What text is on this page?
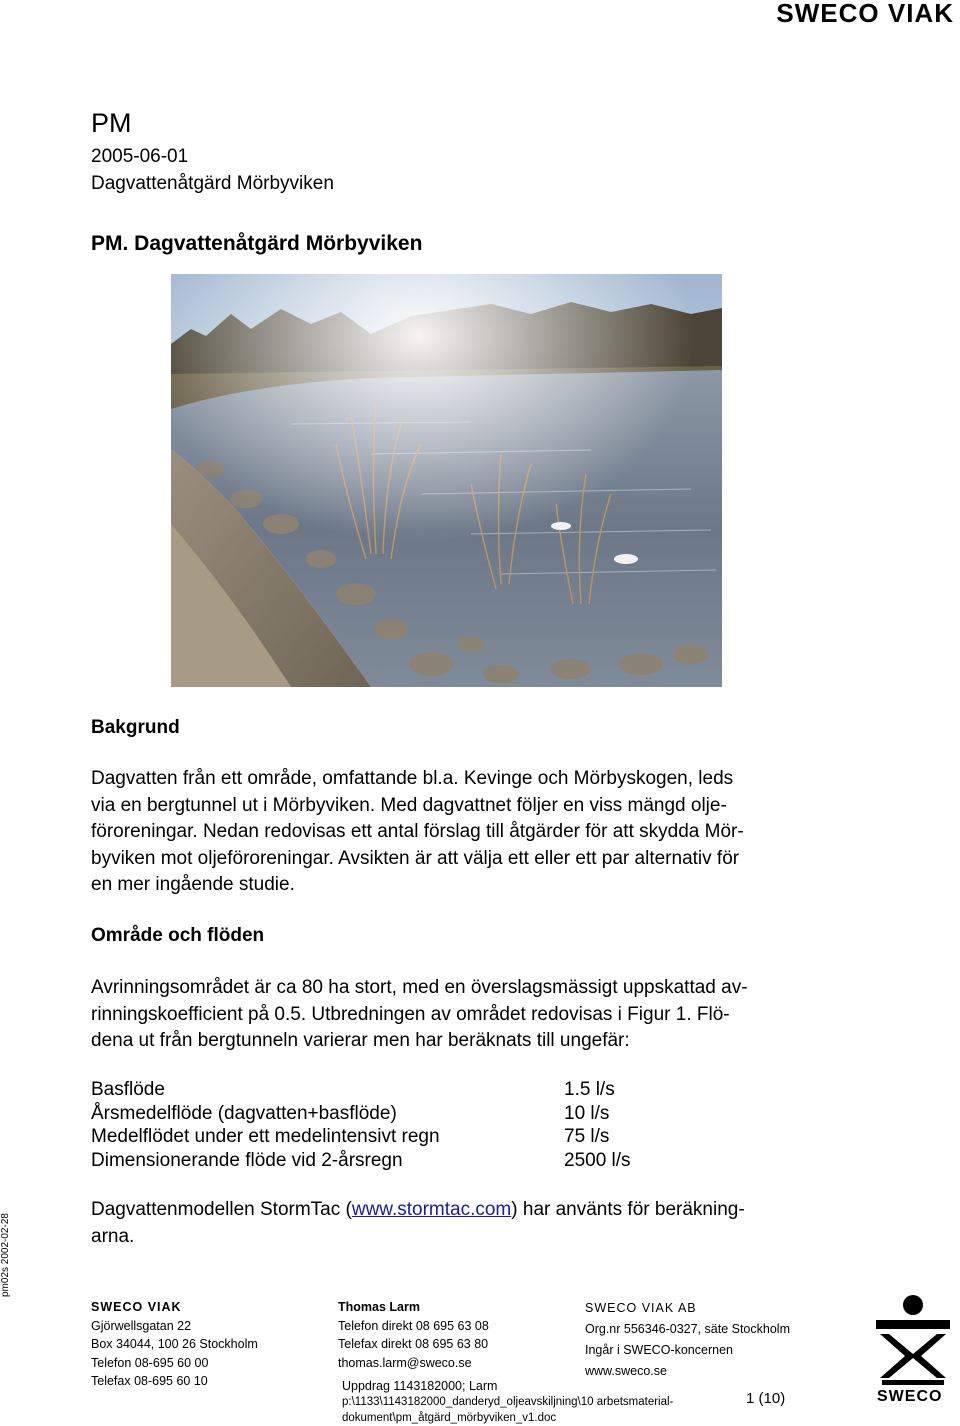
SWECO VIAK
PM
2005-06-01
Dagvattenåtgärd Mörbyviken
PM. Dagvattenåtgärd Mörbyviken
Bakgrund
Dagvatten från ett område, omfattande bl.a. Kevinge och Mörbyskogen, leds
via en bergtunnel ut i Mörbyviken. Med dagvattnet följer en viss mängd olje-
föroreningar. Nedan redovisas ett antal förslag till åtgärder för att skydda Mör-
byviken mot oljeföroreningar. Avsikten är att välja ett eller ett par alternativ för
en mer ingående studie.
Område och flöden
Avrinningsområdet är ca 80 ha stort, med en överslagsmässigt uppskattad av-
rinningskoefficient på 0.5. Utbredningen av området redovisas i Figur 1. Flö-
dena ut från bergtunneln varierar men har beräknats till ungefär:
Basflöde	1.5 l/s
Årsmedelflöde (dagvatten+basflöde)	10 l/s
Medelflödet under ett medelintensivt regn	75 l/s
Dimensionerande flöde vid 2-årsregn	2500 l/s
Dagvattenmodellen StormTac (www.stormtac.com) har använts för beräkning-
arna.
pm02s 2002-02-28
SWECO VIAK
Gjörwellsgatan 22
Box 34044, 100 26 Stockholm
Telefon 08-695 60 00
Telefax 08-695 60 10
Thomas Larm
Telefon direkt 08 695 63 08
Telefax direkt 08 695 63 80
thomas.larm@sweco.se
Uppdrag 1143182000; Larm
p:\1133\1143182000_danderyd_oljeavskiljning\10 arbetsmaterial-
dokument\pm_åtgärd_mörbyviken_v1.doc
SWECO VIAK AB
Org.nr 556346-0327, säte Stockholm
Ingår i SWECO-koncernen
www.sweco.se
1 (10)	SWECO
